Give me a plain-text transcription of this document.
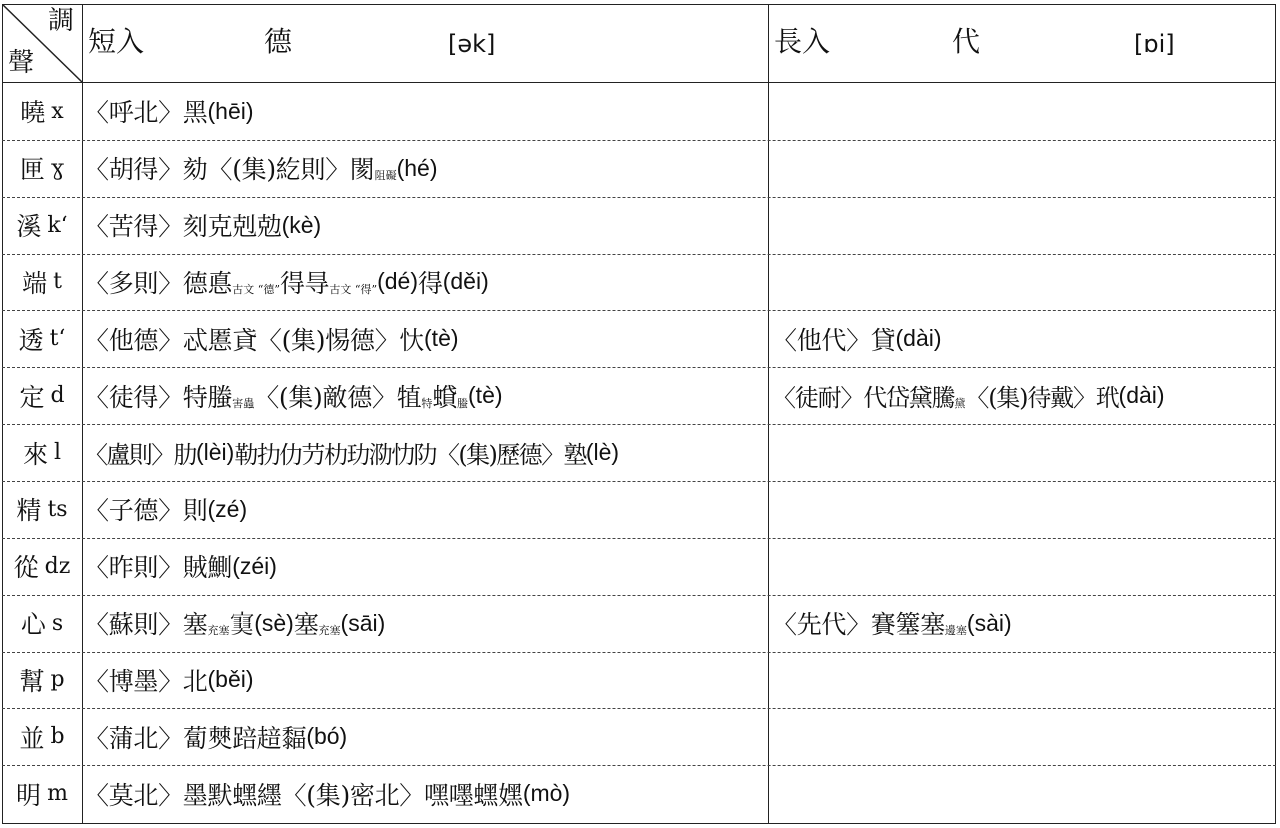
調
聲
短入	德	[ək]	長入	代	[ɒi]
曉 x 〈呼北〉黑 (hēi)
匣 ɣ 〈胡得〉劾〈(集)紇則〉閡 阻礙 (hé)
溪 k‘ 〈苦得〉刻克剋勊 (kè)
端 t 〈多則〉德悳 古文 “德” 得㝵 古文 “得” (dé) 得 (děi)
透 t‘ 〈他德〉忒慝貣〈(集)惕德〉忕 (tè)	〈他代〉貸 (dài)
定 d 〈徒得〉特螣 害蟲 〈(集)敵德〉犆 特 蟘 螣 (tè)	〈徒耐〉代岱黛騰 黛 〈(集)待戴〉玳 (dài)
來 l 〈盧則〉肋 (lèi) 勒扐仂芀朸玏泐忇阞〈(集)歷德〉塾 (lè)
精 ts 〈子德〉則 (zé)
從 dz 〈昨則〉賊鰂 (zéi)
心 s 〈蘇則〉塞 充塞 𡫩 (sè) 塞 充塞 (sāi)	〈先代〉賽簺塞 邊塞 (sài)
幫 p 〈博墨〉北 (běi)
並 b 〈蒲北〉蔔僰踣䞳䵗 (bó)
明 m 〈莫北〉墨默蟔纆〈(集)密北〉嘿嚜蟔嫼 (mò)
